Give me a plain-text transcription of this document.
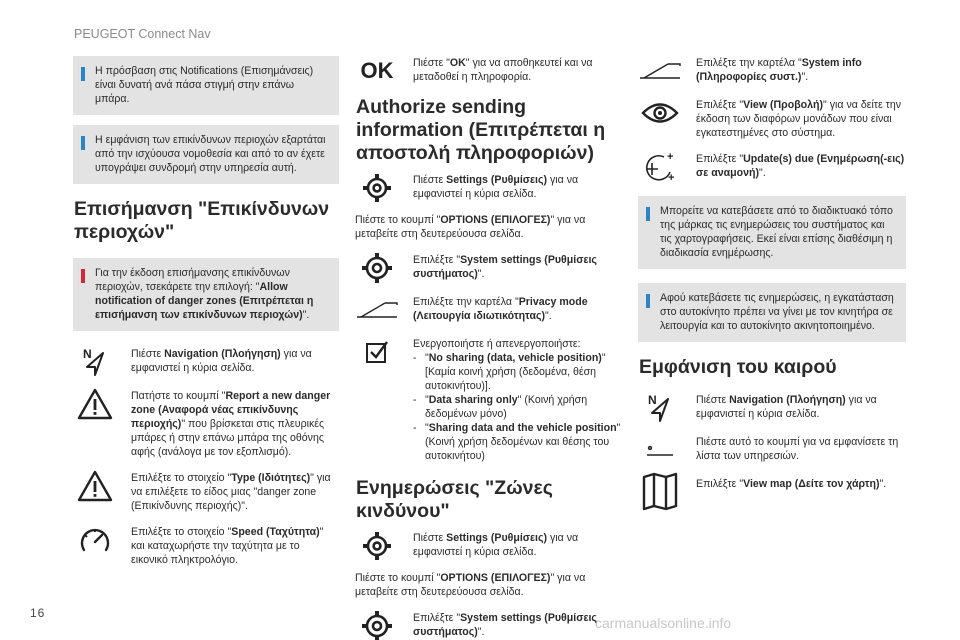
PEUGEOT Connect Nav
16
carmanualsonline.info
Η πρόσβαση στις Notifications (Επισημάνσεις) είναι δυνατή ανά πάσα στιγμή στην επάνω μπάρα.
Η εμφάνιση των επικίνδυνων περιοχών εξαρτάται από την ισχύουσα νομοθεσία και από το αν έχετε υπογράψει συνδρομή στην υπηρεσία αυτή.
Επισήμανση "Επικίνδυνων περιοχών"
Για την έκδοση επισήμανσης επικίνδυνων περιοχών, τσεκάρετε την επιλογή: "Allow notification of danger zones (Επιτρέπεται η επισήμανση των επικίνδυνων περιοχών)".
N	Πιέστε Navigation (Πλοήγηση) για να εμφανιστεί η κύρια σελίδα.
Πατήστε το κουμπί "Report a new danger zone (Αναφορά νέας επικίνδυνης περιοχής)" που βρίσκεται στις πλευρικές μπάρες ή στην επάνω μπάρα της οθόνης αφής (ανάλογα με τον εξοπλισμό).
Επιλέξτε το στοιχείο "Type (Ιδιότητες)" για να επιλέξετε το είδος μιας "danger zone (Επικίνδυνης περιοχής)".
Επιλέξτε το στοιχείο "Speed (Ταχύτητα)" και καταχωρήστε την ταχύτητα με το εικονικό πληκτρολόγιο.
OK	Πιέστε "OK" για να αποθηκευτεί και να μεταδοθεί η πληροφορία.
Authorize sending information (Επιτρέπεται η αποστολή πληροφοριών)
Πιέστε Settings (Ρυθμίσεις) για να εμφανιστεί η κύρια σελίδα.

Πιέστε το κουμπί "OPTIONS (ΕΠΙΛΟΓΕΣ)" για να μεταβείτε στη δευτερεύουσα σελίδα.

Επιλέξτε "System settings (Ρυθμίσεις συστήματος)".
Επιλέξτε την καρτέλα "Privacy mode (Λειτουργία ιδιωτικότητας)".
Ενεργοποιήστε ή απενεργοποιήστε:
- "No sharing (data, vehicle position)" [Καμία κοινή χρήση (δεδομένα, θέση αυτοκινήτου)].
- "Data sharing only" (Κοινή χρήση δεδομένων μόνο)
- "Sharing data and the vehicle position" (Κοινή χρήση δεδομένων και θέσης του αυτοκινήτου)
Ενημερώσεις "Ζώνες κινδύνου"
Πιέστε Settings (Ρυθμίσεις) για να εμφανιστεί η κύρια σελίδα.

Πιέστε το κουμπί "OPTIONS (ΕΠΙΛΟΓΕΣ)" για να μεταβείτε στη δευτερεύουσα σελίδα.

Επιλέξτε "System settings (Ρυθμίσεις συστήματος)".
Επιλέξτε την καρτέλα "System info (Πληροφορίες συστ.)".
Επιλέξτε "View (Προβολή)" για να δείτε την έκδοση των διαφόρων μονάδων που είναι εγκατεστημένες στο σύστημα.
+
+
Επιλέξτε "Update(s) due (Ενημέρωση(-εις) σε αναμονή)".
Μπορείτε να κατεβάσετε από το διαδικτυακό τόπο της μάρκας τις ενημερώσεις του συστήματος και τις χαρτογραφήσεις. Εκεί είναι επίσης διαθέσιμη η διαδικασία ενημέρωσης.
Αφού κατεβάσετε τις ενημερώσεις, η εγκατάσταση στο αυτοκίνητο πρέπει να γίνει με τον κινητήρα σε λειτουργία και το αυτοκίνητο ακινητοποιημένο.
Εμφάνιση του καιρού
N	Πιέστε Navigation (Πλοήγηση) για να εμφανιστεί η κύρια σελίδα.
Πιέστε αυτό το κουμπί για να εμφανίσετε τη λίστα των υπηρεσιών.
Επιλέξτε "View map (Δείτε τον χάρτη)".
